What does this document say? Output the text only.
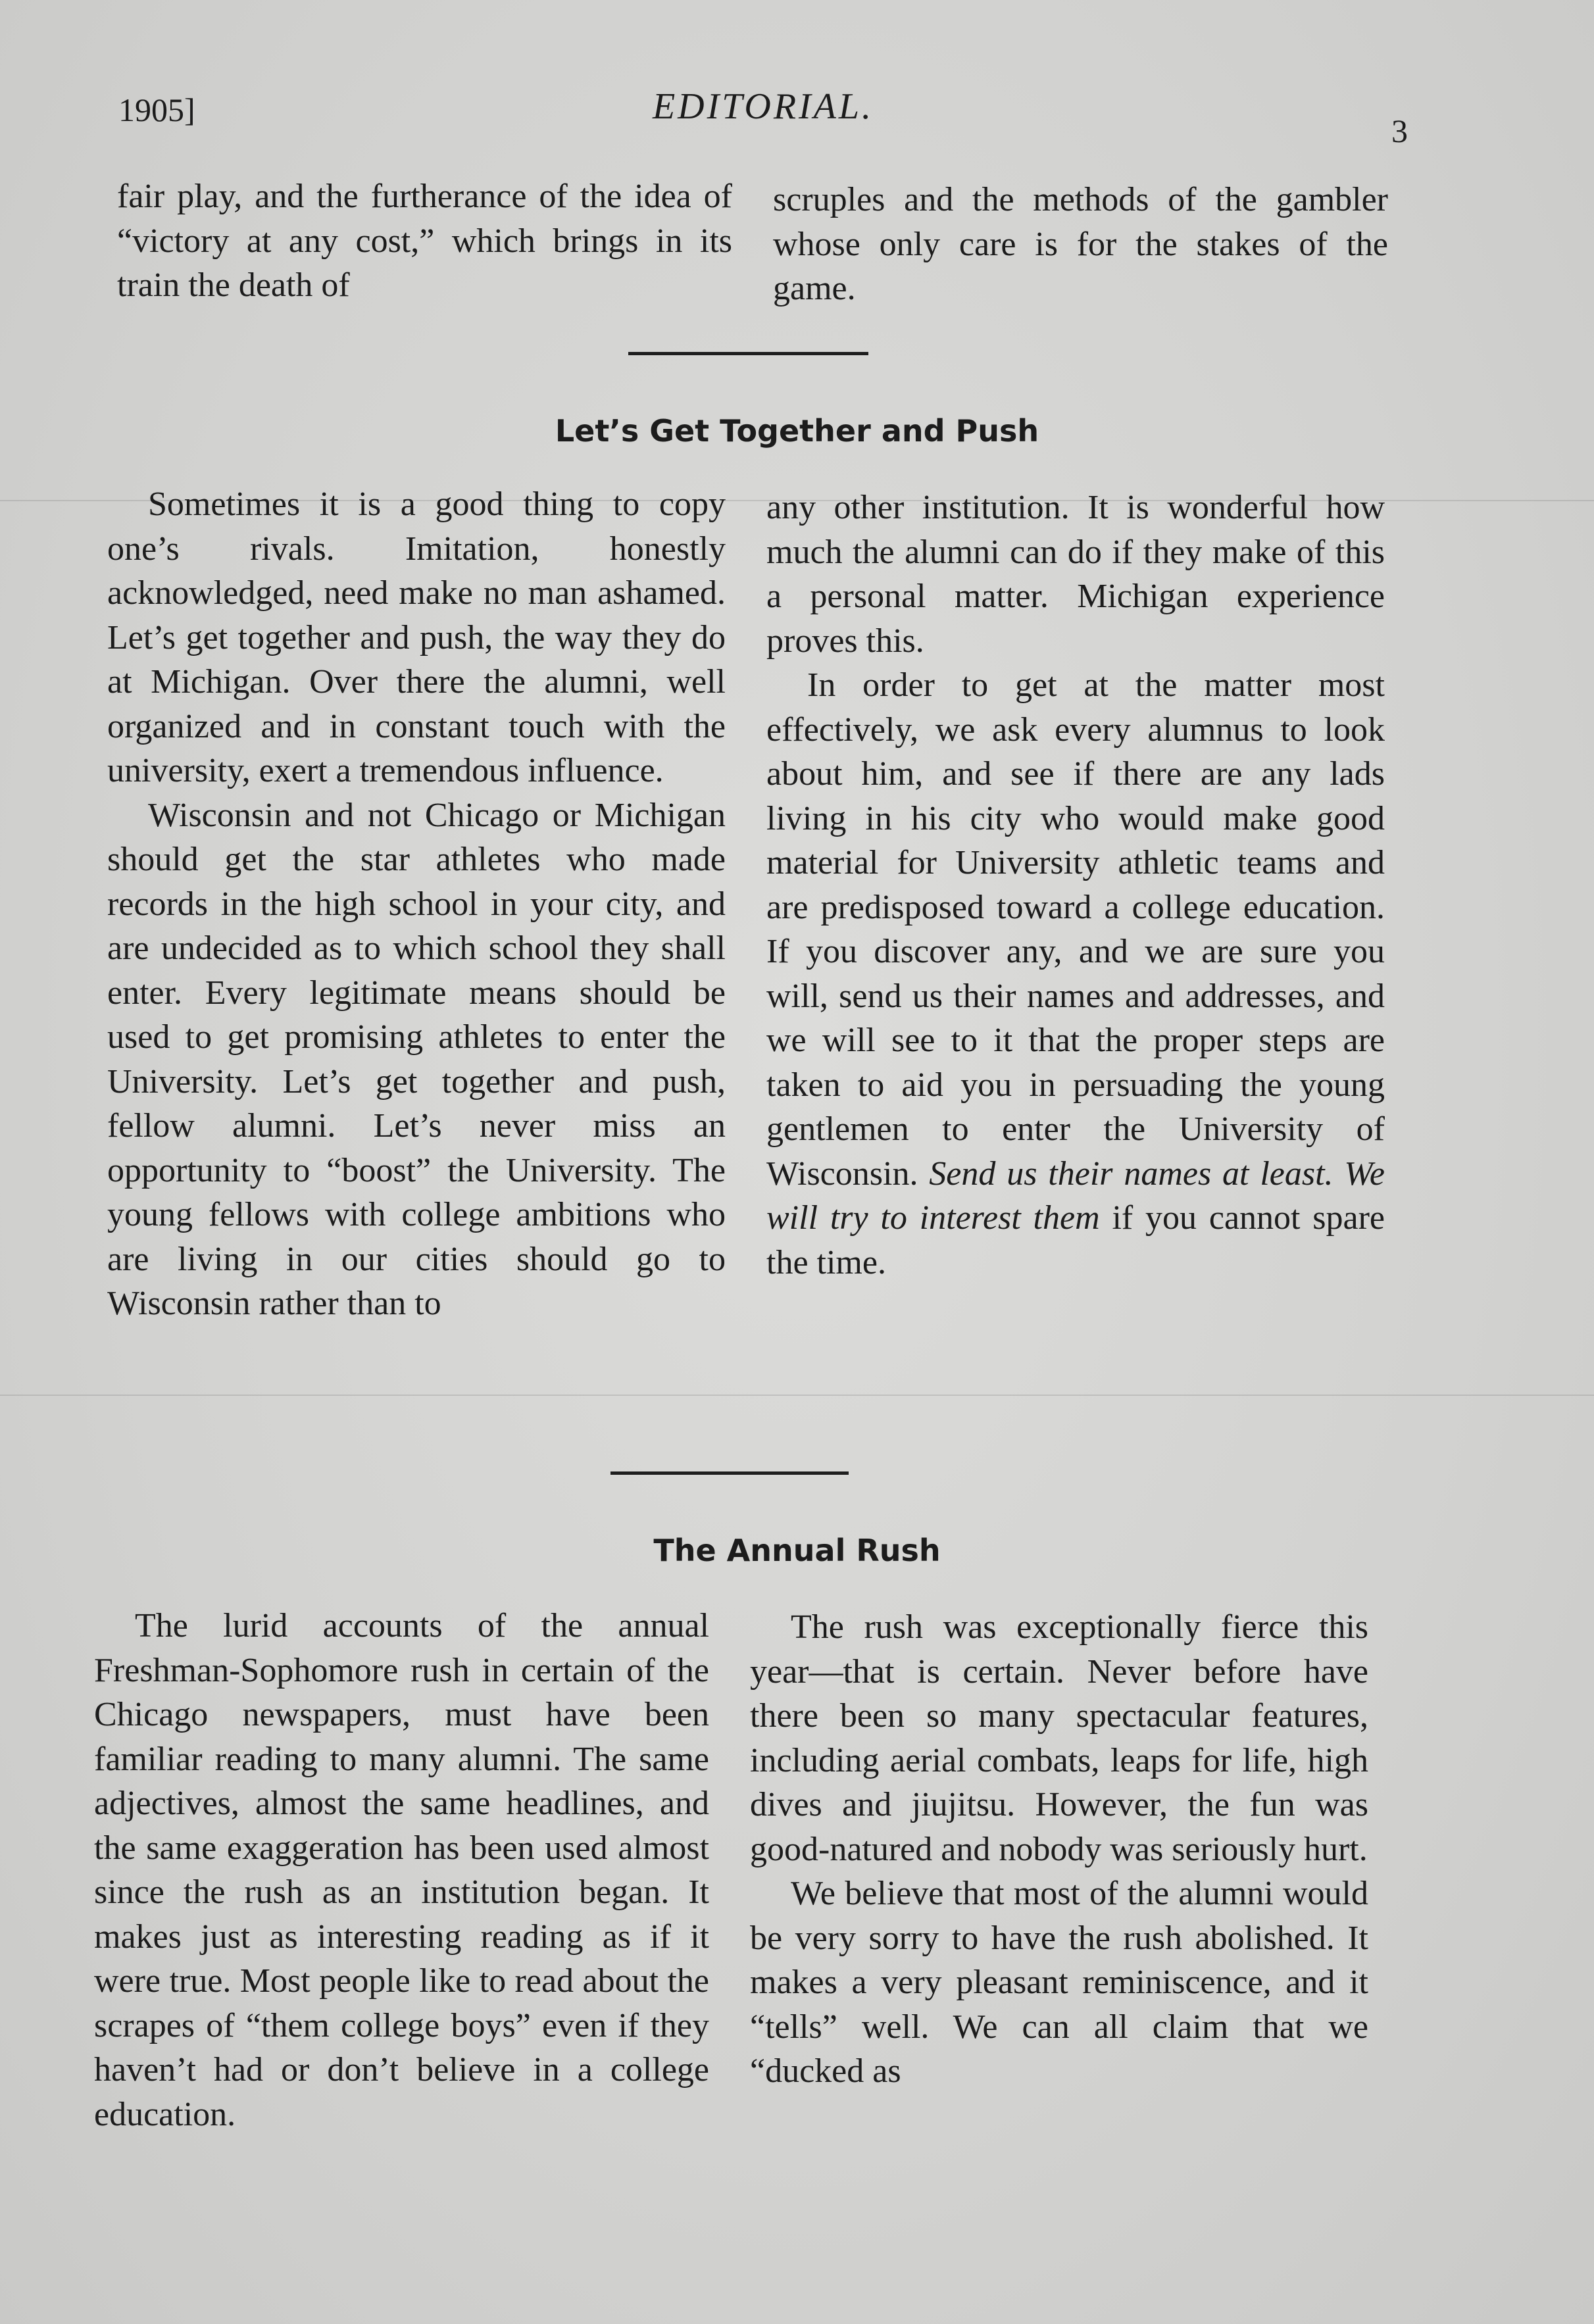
1905]	EDITORIAL.
3

fair play, and the furtherance of the idea of “victory at any cost,” which brings in its train the death of

scruples and the methods of the gambler whose only care is for the stakes of the game.

Let’s Get Together and Push

Sometimes it is a good thing to copy one’s rivals. Imitation, honestly acknowledged, need make no man ashamed. Let’s get together and push, the way they do at Michigan. Over there the alumni, well organized and in constant touch with the university, exert a tremendous influence.

Wisconsin and not Chicago or Michigan should get the star athletes who made records in the high school in your city, and are undecided as to which school they shall enter. Every legitimate means should be used to get promising athletes to enter the University. Let’s get together and push, fellow alumni. Let’s never miss an opportunity to “boost” the University. The young fellows with college ambitions who are living in our cities should go to Wisconsin rather than to

any other institution. It is wonderful how much the alumni can do if they make of this a personal matter. Michigan experience proves this.

In order to get at the matter most effectively, we ask every alumnus to look about him, and see if there are any lads living in his city who would make good material for University athletic teams and are predisposed toward a college education. If you discover any, and we are sure you will, send us their names and addresses, and we will see to it that the proper steps are taken to aid you in persuading the young gentlemen to enter the University of Wisconsin. Send us their names at least. We will try to interest them if you cannot spare the time.

The Annual Rush

The lurid accounts of the annual Freshman-Sophomore rush in certain of the Chicago newspapers, must have been familiar reading to many alumni. The same adjectives, almost the same headlines, and the same exaggeration has been used almost since the rush as an institution began. It makes just as interesting reading as if it were true. Most people like to read about the scrapes of “them college boys” even if they haven’t had or don’t believe in a college education.

The rush was exceptionally fierce this year—that is certain. Never before have there been so many spectacular features, including aerial combats, leaps for life, high dives and jiujitsu. However, the fun was good-natured and nobody was seriously hurt.

We believe that most of the alumni would be very sorry to have the rush abolished. It makes a very pleasant reminiscence, and it “tells” well. We can all claim that we “ducked as
